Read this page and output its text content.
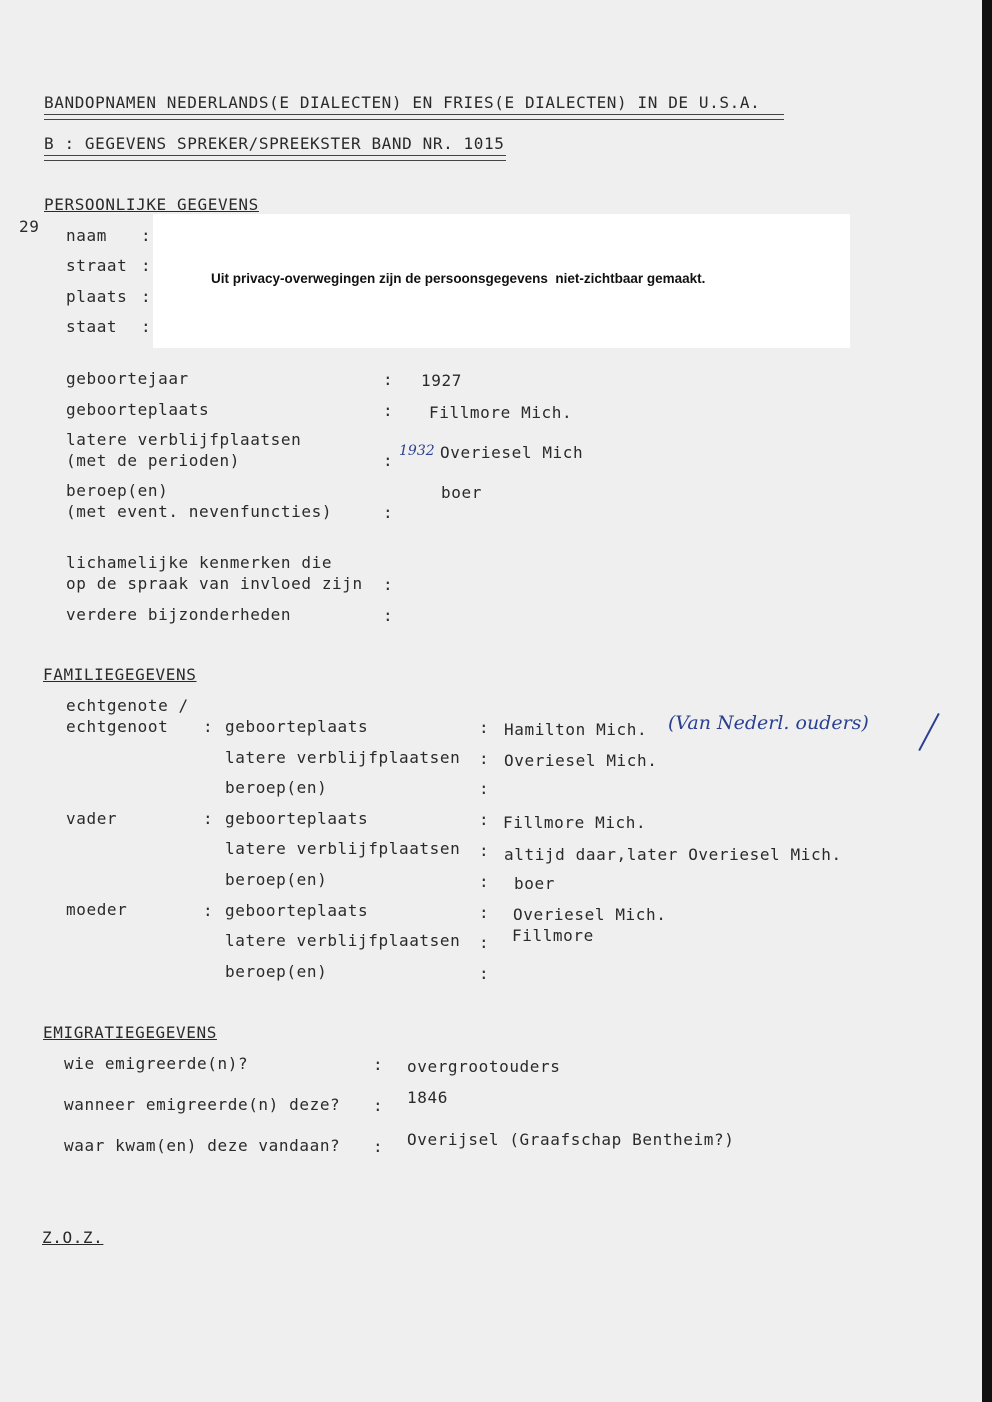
BANDOPNAMEN NEDERLANDS(E DIALECTEN) EN FRIES(E DIALECTEN) IN DE U.S.A.
B : GEGEVENS SPREKER/SPREEKSTER BAND NR. 1015
29
PERSOONLIJKE GEGEVENS
naam :
straat :
plaats :
staat :
Uit privacy-overwegingen zijn de persoonsgegevens  niet-zichtbaar gemaakt.
geboortejaar	: 1927
geboorteplaats	: Fillmore Mich.
latere verblijfplaatsen
(met de perioden)	: 1932 Overiesel Mich
beroep(en)
(met event. nevenfuncties)	:
boer
lichamelijke kenmerken die
op de spraak van invloed zijn :
verdere bijzonderheden	:
FAMILIEGEGEVENS
echtgenote /
echtgenoot : geboorteplaats	: Hamilton Mich. (Van Nederl. ouders)
latere verblijfplaatsen : Overiesel Mich.
beroep(en)	:
vader	: geboorteplaats	: Fillmore Mich.
latere verblijfplaatsen : altijd daar,later Overiesel Mich.
beroep(en)	: boer
moeder	: geboorteplaats	: Overiesel Mich.
latere verblijfplaatsen : Fillmore
beroep(en)	:
EMIGRATIEGEGEVENS
wie emigreerde(n)?	: overgrootouders
wanneer emigreerde(n) deze? : 1846
waar kwam(en) deze vandaan? : Overijsel (Graafschap Bentheim?)
Z.O.Z.
